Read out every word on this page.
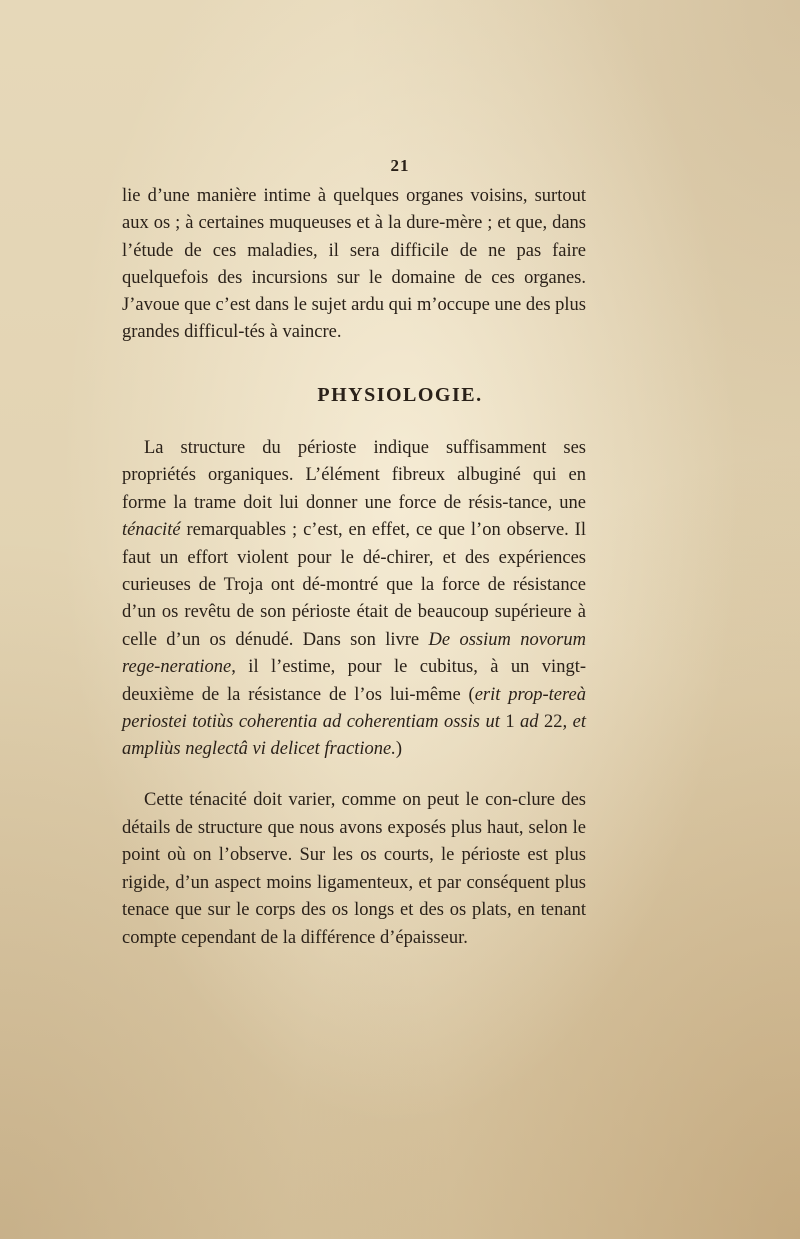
21

lie d’une manière intime à quelques organes voisins, surtout aux os ; à certaines muqueuses et à la dure-mère ; et que, dans l’étude de ces maladies, il sera difficile de ne pas faire quelquefois des incursions sur le domaine de ces organes. J’avoue que c’est dans le sujet ardu qui m’occupe une des plus grandes difficul-tés à vaincre.

PHYSIOLOGIE.

La structure du périoste indique suffisamment ses propriétés organiques. L’élément fibreux albuginé qui en forme la trame doit lui donner une force de résis-tance, une ténacité remarquables ; c’est, en effet, ce que l’on observe. Il faut un effort violent pour le dé-chirer, et des expériences curieuses de Troja ont dé-montré que la force de résistance d’un os revêtu de son périoste était de beaucoup supérieure à celle d’un os dénudé. Dans son livre De ossium novorum rege-neratione, il l’estime, pour le cubitus, à un vingt-deuxième de la résistance de l’os lui-même (erit prop-tereà periostei totiùs coherentia ad coherentiam ossis ut 1 ad 22, et ampliùs neglectâ vi delicet fractione.)

Cette ténacité doit varier, comme on peut le con-clure des détails de structure que nous avons exposés plus haut, selon le point où on l’observe. Sur les os courts, le périoste est plus rigide, d’un aspect moins ligamenteux, et par conséquent plus tenace que sur le corps des os longs et des os plats, en tenant compte cependant de la différence d’épaisseur.
